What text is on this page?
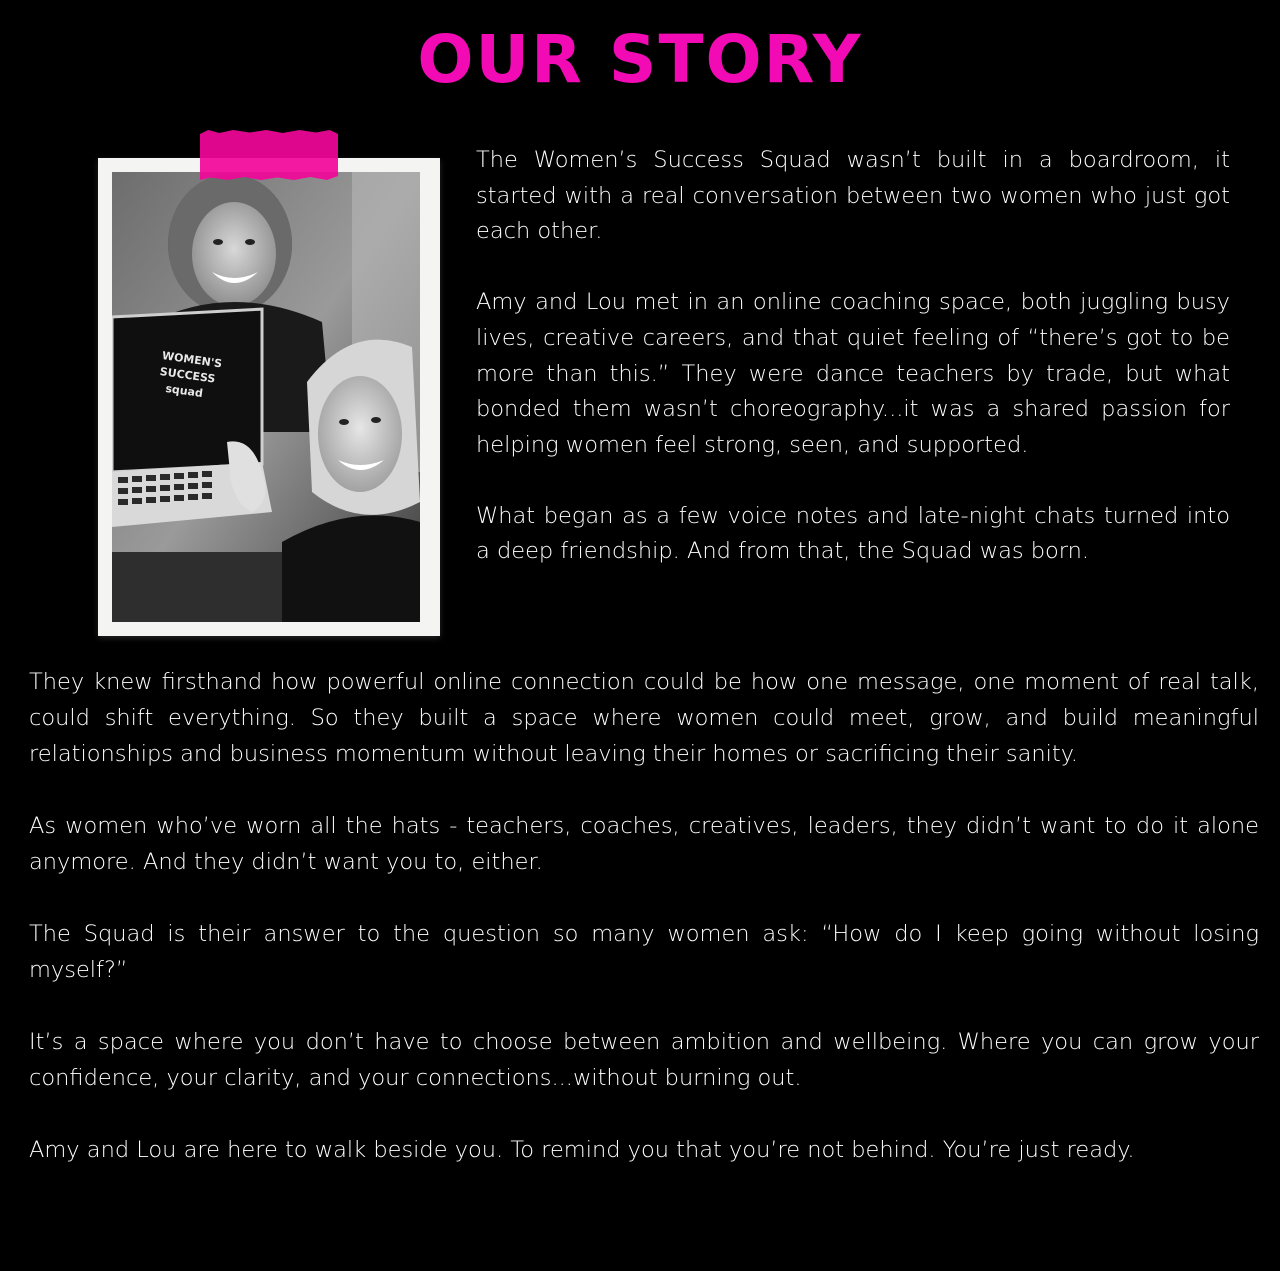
OUR STORY
WOMEN'S
SUCCESS
squad

The Women’s Success Squad wasn’t built in a boardroom, it started with a real conversation between two women who just got each other.

Amy and Lou met in an online coaching space, both juggling busy lives, creative careers, and that quiet feeling of “there’s got to be more than this.” They were dance teachers by trade, but what bonded them wasn’t choreography...it was a shared passion for helping women feel strong, seen, and supported.

What began as a few voice notes and late-night chats turned into a deep friendship. And from that, the Squad was born.

They knew firsthand how powerful online connection could be how one message, one moment of real talk, could shift everything. So they built a space where women could meet, grow, and build meaningful relationships and business momentum without leaving their homes or sacrificing their sanity.

As women who’ve worn all the hats - teachers, coaches, creatives, leaders, they didn’t want to do it alone anymore. And they didn’t want you to, either.

The Squad is their answer to the question so many women ask: “How do I keep going without losing myself?”

It’s a space where you don’t have to choose between ambition and wellbeing. Where you can grow your confidence, your clarity, and your connections...without burning out.

Amy and Lou are here to walk beside you. To remind you that you’re not behind. You’re just ready.
